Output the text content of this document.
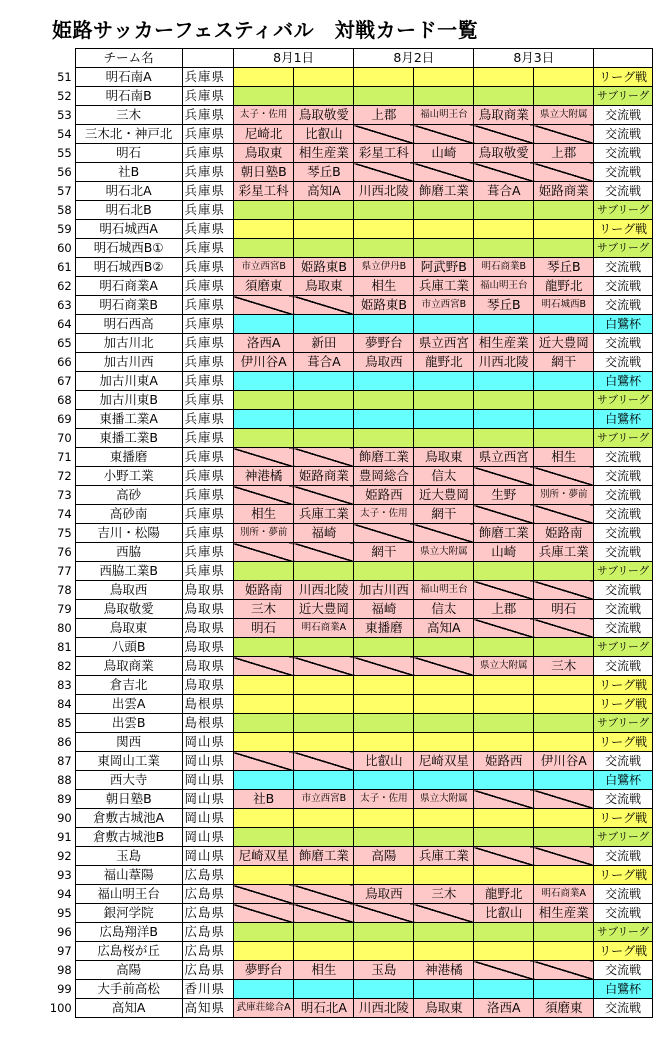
姫路サッカーフェスティバル　対戦カード一覧
	チーム名		8月1日		8月2日		8月3日		
51	明石南A	兵庫県							リーグ戦
52	明石南B	兵庫県							サブリーグ
53	三木	兵庫県	太子・佐用	鳥取敬愛	上郡	福山明王台	鳥取商業	県立大附属	交流戦
54	三木北・神戸北	兵庫県	尼崎北	比叡山					交流戦
55	明石	兵庫県	鳥取東	相生産業	彩星工科	山崎	鳥取敬愛	上郡	交流戦
56	社B	兵庫県	朝日塾B	琴丘B					交流戦
57	明石北A	兵庫県	彩星工科	高知A	川西北陵	飾磨工業	葺合A	姫路商業	交流戦
58	明石北B	兵庫県							サブリーグ
59	明石城西A	兵庫県							リーグ戦
60	明石城西B①	兵庫県							サブリーグ
61	明石城西B②	兵庫県	市立西宮B	姫路東B	県立伊丹B	阿武野B	明石商業B	琴丘B	交流戦
62	明石商業A	兵庫県	須磨東	鳥取東	相生	兵庫工業	福山明王台	龍野北	交流戦
63	明石商業B	兵庫県			姫路東B	市立西宮B	琴丘B	明石城西B	交流戦
64	明石西高	兵庫県							白鷺杯
65	加古川北	兵庫県	洛西A	新田	夢野台	県立西宮	相生産業	近大豊岡	交流戦
66	加古川西	兵庫県	伊川谷A	葺合A	鳥取西	龍野北	川西北陵	網干	交流戦
67	加古川東A	兵庫県							白鷺杯
68	加古川東B	兵庫県							サブリーグ
69	東播工業A	兵庫県							白鷺杯
70	東播工業B	兵庫県							サブリーグ
71	東播磨	兵庫県			飾磨工業	鳥取東	県立西宮	相生	交流戦
72	小野工業	兵庫県	神港橘	姫路商業	豊岡総合	信太			交流戦
73	高砂	兵庫県			姫路西	近大豊岡	生野	別所・夢前	交流戦
74	高砂南	兵庫県	相生	兵庫工業	太子・佐用	網干			交流戦
75	吉川・松陽	兵庫県	別所・夢前	福崎			飾磨工業	姫路南	交流戦
76	西脇	兵庫県			網干	県立大附属	山崎	兵庫工業	交流戦
77	西脇工業B	兵庫県							サブリーグ
78	鳥取西	鳥取県	姫路南	川西北陵	加古川西	福山明王台			交流戦
79	鳥取敬愛	鳥取県	三木	近大豊岡	福崎	信太	上郡	明石	交流戦
80	鳥取東	鳥取県	明石	明石商業A	東播磨	高知A			交流戦
81	八頭B	鳥取県							サブリーグ
82	鳥取商業	鳥取県					県立大附属	三木	交流戦
83	倉吉北	鳥取県							リーグ戦
84	出雲A	島根県							リーグ戦
85	出雲B	島根県							サブリーグ
86	関西	岡山県							リーグ戦
87	東岡山工業	岡山県			比叡山	尼崎双星	姫路西	伊川谷A	交流戦
88	西大寺	岡山県							白鷺杯
89	朝日塾B	岡山県	社B	市立西宮B	太子・佐用	県立大附属			交流戦
90	倉敷古城池A	岡山県							リーグ戦
91	倉敷古城池B	岡山県							サブリーグ
92	玉島	岡山県	尼崎双星	飾磨工業	高陽	兵庫工業			交流戦
93	福山葦陽	広島県							リーグ戦
94	福山明王台	広島県			鳥取西	三木	龍野北	明石商業A	交流戦
95	銀河学院	広島県					比叡山	相生産業	交流戦
96	広島翔洋B	広島県							サブリーグ
97	広島桜が丘	広島県							リーグ戦
98	高陽	広島県	夢野台	相生	玉島	神港橘			交流戦
99	大手前高松	香川県							白鷺杯
100	高知A	高知県	武庫荘総合A	明石北A	川西北陵	鳥取東	洛西A	須磨東	交流戦
